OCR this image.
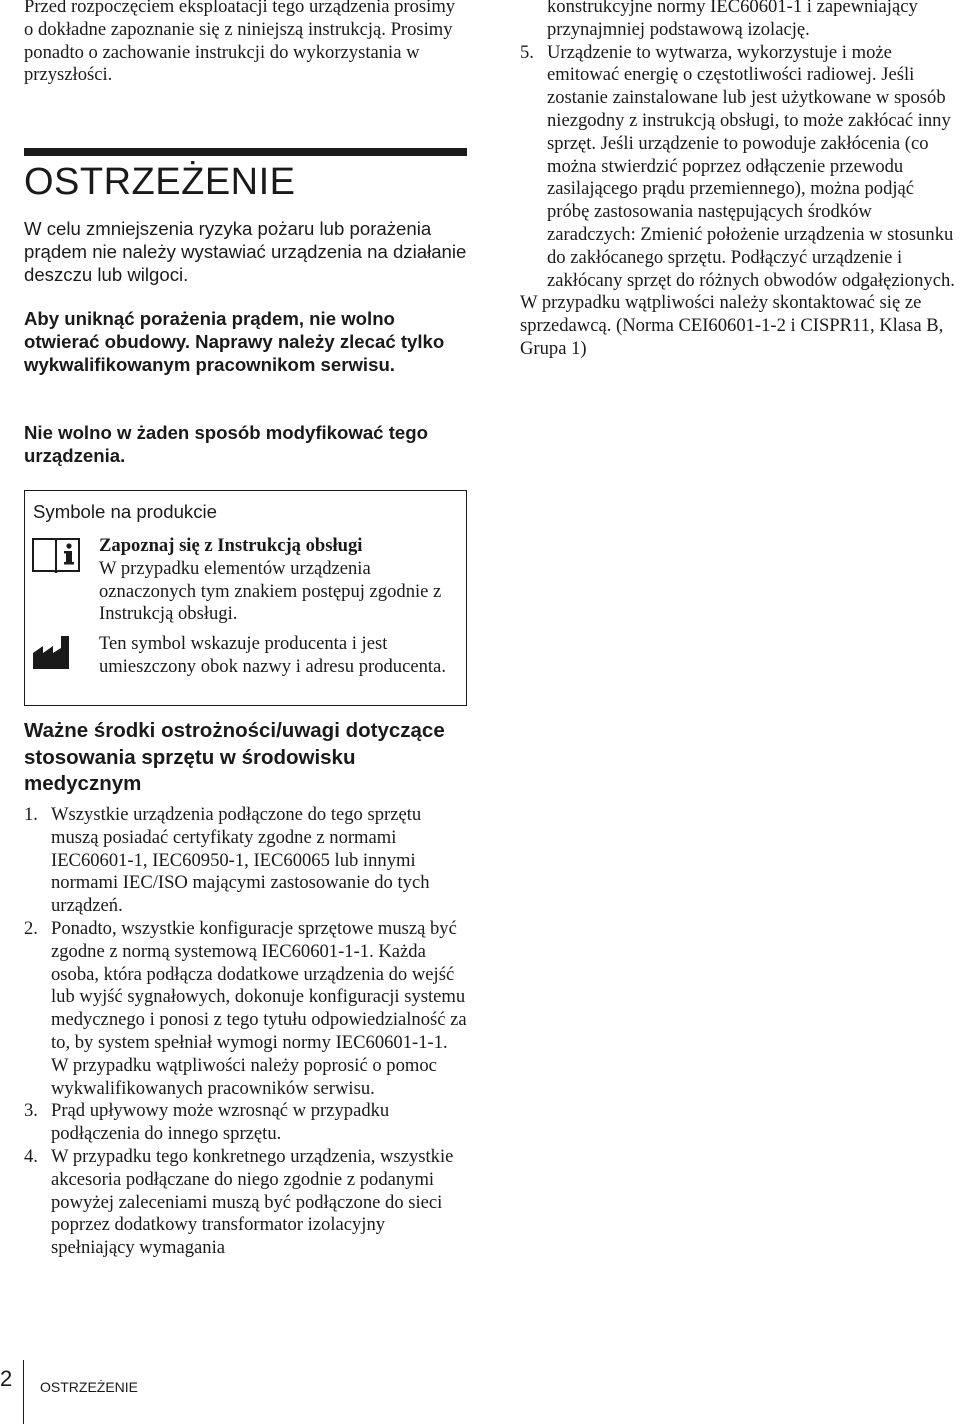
Przed rozpoczęciem eksploatacji tego urządzenia prosimy o dokładne zapoznanie się z niniejszą instrukcją. Prosimy ponadto o zachowanie instrukcji do wykorzystania w przyszłości.

OSTRZEŻENIE

W celu zmniejszenia ryzyka pożaru lub porażenia prądem nie należy wystawiać urządzenia na działanie deszczu lub wilgoci.

Aby uniknąć porażenia prądem, nie wolno otwierać obudowy. Naprawy należy zlecać tylko wykwalifikowanym pracownikom serwisu.

Nie wolno w żaden sposób modyfikować tego urządzenia.

Symbole na produkcie
Zapoznaj się z Instrukcją obsługi
W przypadku elementów urządzenia oznaczonych tym znakiem postępuj zgodnie z Instrukcją obsługi.
Ten symbol wskazuje producenta i jest umieszczony obok nazwy i adresu producenta.
Ważne środki ostrożności/uwagi dotyczące stosowania sprzętu w środowisku medycznym
1. Wszystkie urządzenia podłączone do tego sprzętu muszą posiadać certyfikaty zgodne z normami IEC60601-1, IEC60950-1, IEC60065 lub innymi normami IEC/ISO mającymi zastosowanie do tych urządzeń.
2. Ponadto, wszystkie konfiguracje sprzętowe muszą być zgodne z normą systemową IEC60601-1-1. Każda osoba, która podłącza dodatkowe urządzenia do wejść lub wyjść sygnałowych, dokonuje konfiguracji systemu medycznego i ponosi z tego tytułu odpowiedzialność za to, by system spełniał wymogi normy IEC60601-1-1. W przypadku wątpliwości należy poprosić o pomoc wykwalifikowanych pracowników serwisu.
3. Prąd upływowy może wzrosnąć w przypadku podłączenia do innego sprzętu.
4. W przypadku tego konkretnego urządzenia, wszystkie akcesoria podłączane do niego zgodnie z podanymi powyżej zaleceniami muszą być podłączone do sieci poprzez dodatkowy transformator izolacyjny spełniający wymagania
konstrukcyjne normy IEC60601-1 i zapewniający przynajmniej podstawową izolację.
5. Urządzenie to wytwarza, wykorzystuje i może emitować energię o częstotliwości radiowej. Jeśli zostanie zainstalowane lub jest użytkowane w sposób niezgodny z instrukcją obsługi, to może zakłócać inny sprzęt. Jeśli urządzenie to powoduje zakłócenia (co można stwierdzić poprzez odłączenie przewodu zasilającego prądu przemiennego), można podjąć próbę zastosowania następujących środków zaradczych: Zmienić położenie urządzenia w stosunku do zakłócanego sprzętu. Podłączyć urządzenie i zakłócany sprzęt do różnych obwodów odgałęzionych.

W przypadku wątpliwości należy skontaktować się ze sprzedawcą. (Norma CEI60601-1-2 i CISPR11, Klasa B, Grupa 1)

2 OSTRZEŻENIE
